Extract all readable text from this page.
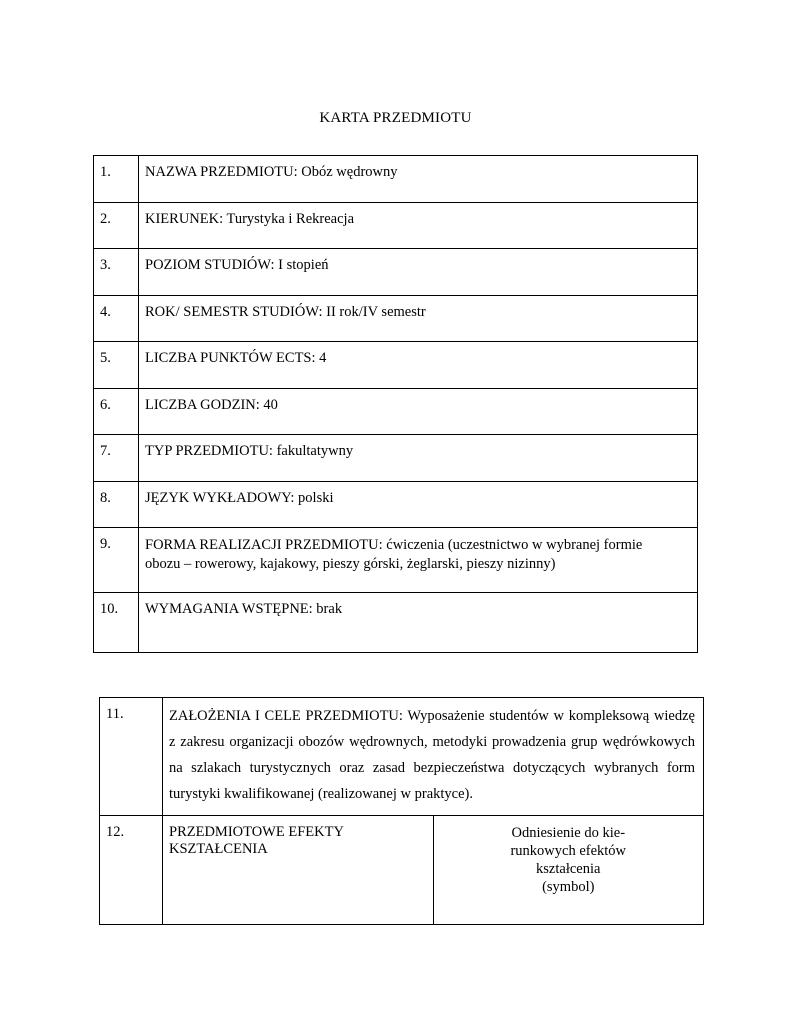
KARTA PRZEDMIOTU
1.	NAZWA PRZEDMIOTU: Obóz wędrowny
2.	KIERUNEK: Turystyka i Rekreacja
3.	POZIOM STUDIÓW: I stopień
4.	ROK/ SEMESTR STUDIÓW: II rok/IV semestr
5.	LICZBA PUNKTÓW ECTS: 4
6.	LICZBA GODZIN: 40
7.	TYP PRZEDMIOTU: fakultatywny
8.	JĘZYK WYKŁADOWY: polski
9.	FORMA REALIZACJI PRZEDMIOTU: ćwiczenia (uczestnictwo w wybranej formie
obozu – rowerowy, kajakowy, pieszy górski, żeglarski, pieszy nizinny)

10.	WYMAGANIA WSTĘPNE: brak
11.	ZAŁOŻENIA I CELE PRZEDMIOTU: Wyposażenie studentów w kompleksową wiedzę z zakresu organizacji obozów wędrownych, metodyki prowadzenia grup wędrówkowych na szlakach turystycznych oraz zasad bezpieczeństwa dotyczących wybranych form turystyki kwalifikowanej (realizowanej w praktyce).	
12.	PRZEDMIOTOWE EFEKTY KSZTAŁCENIA	Odniesienie do kie-
runkowych efektów
kształcenia
(symbol)
